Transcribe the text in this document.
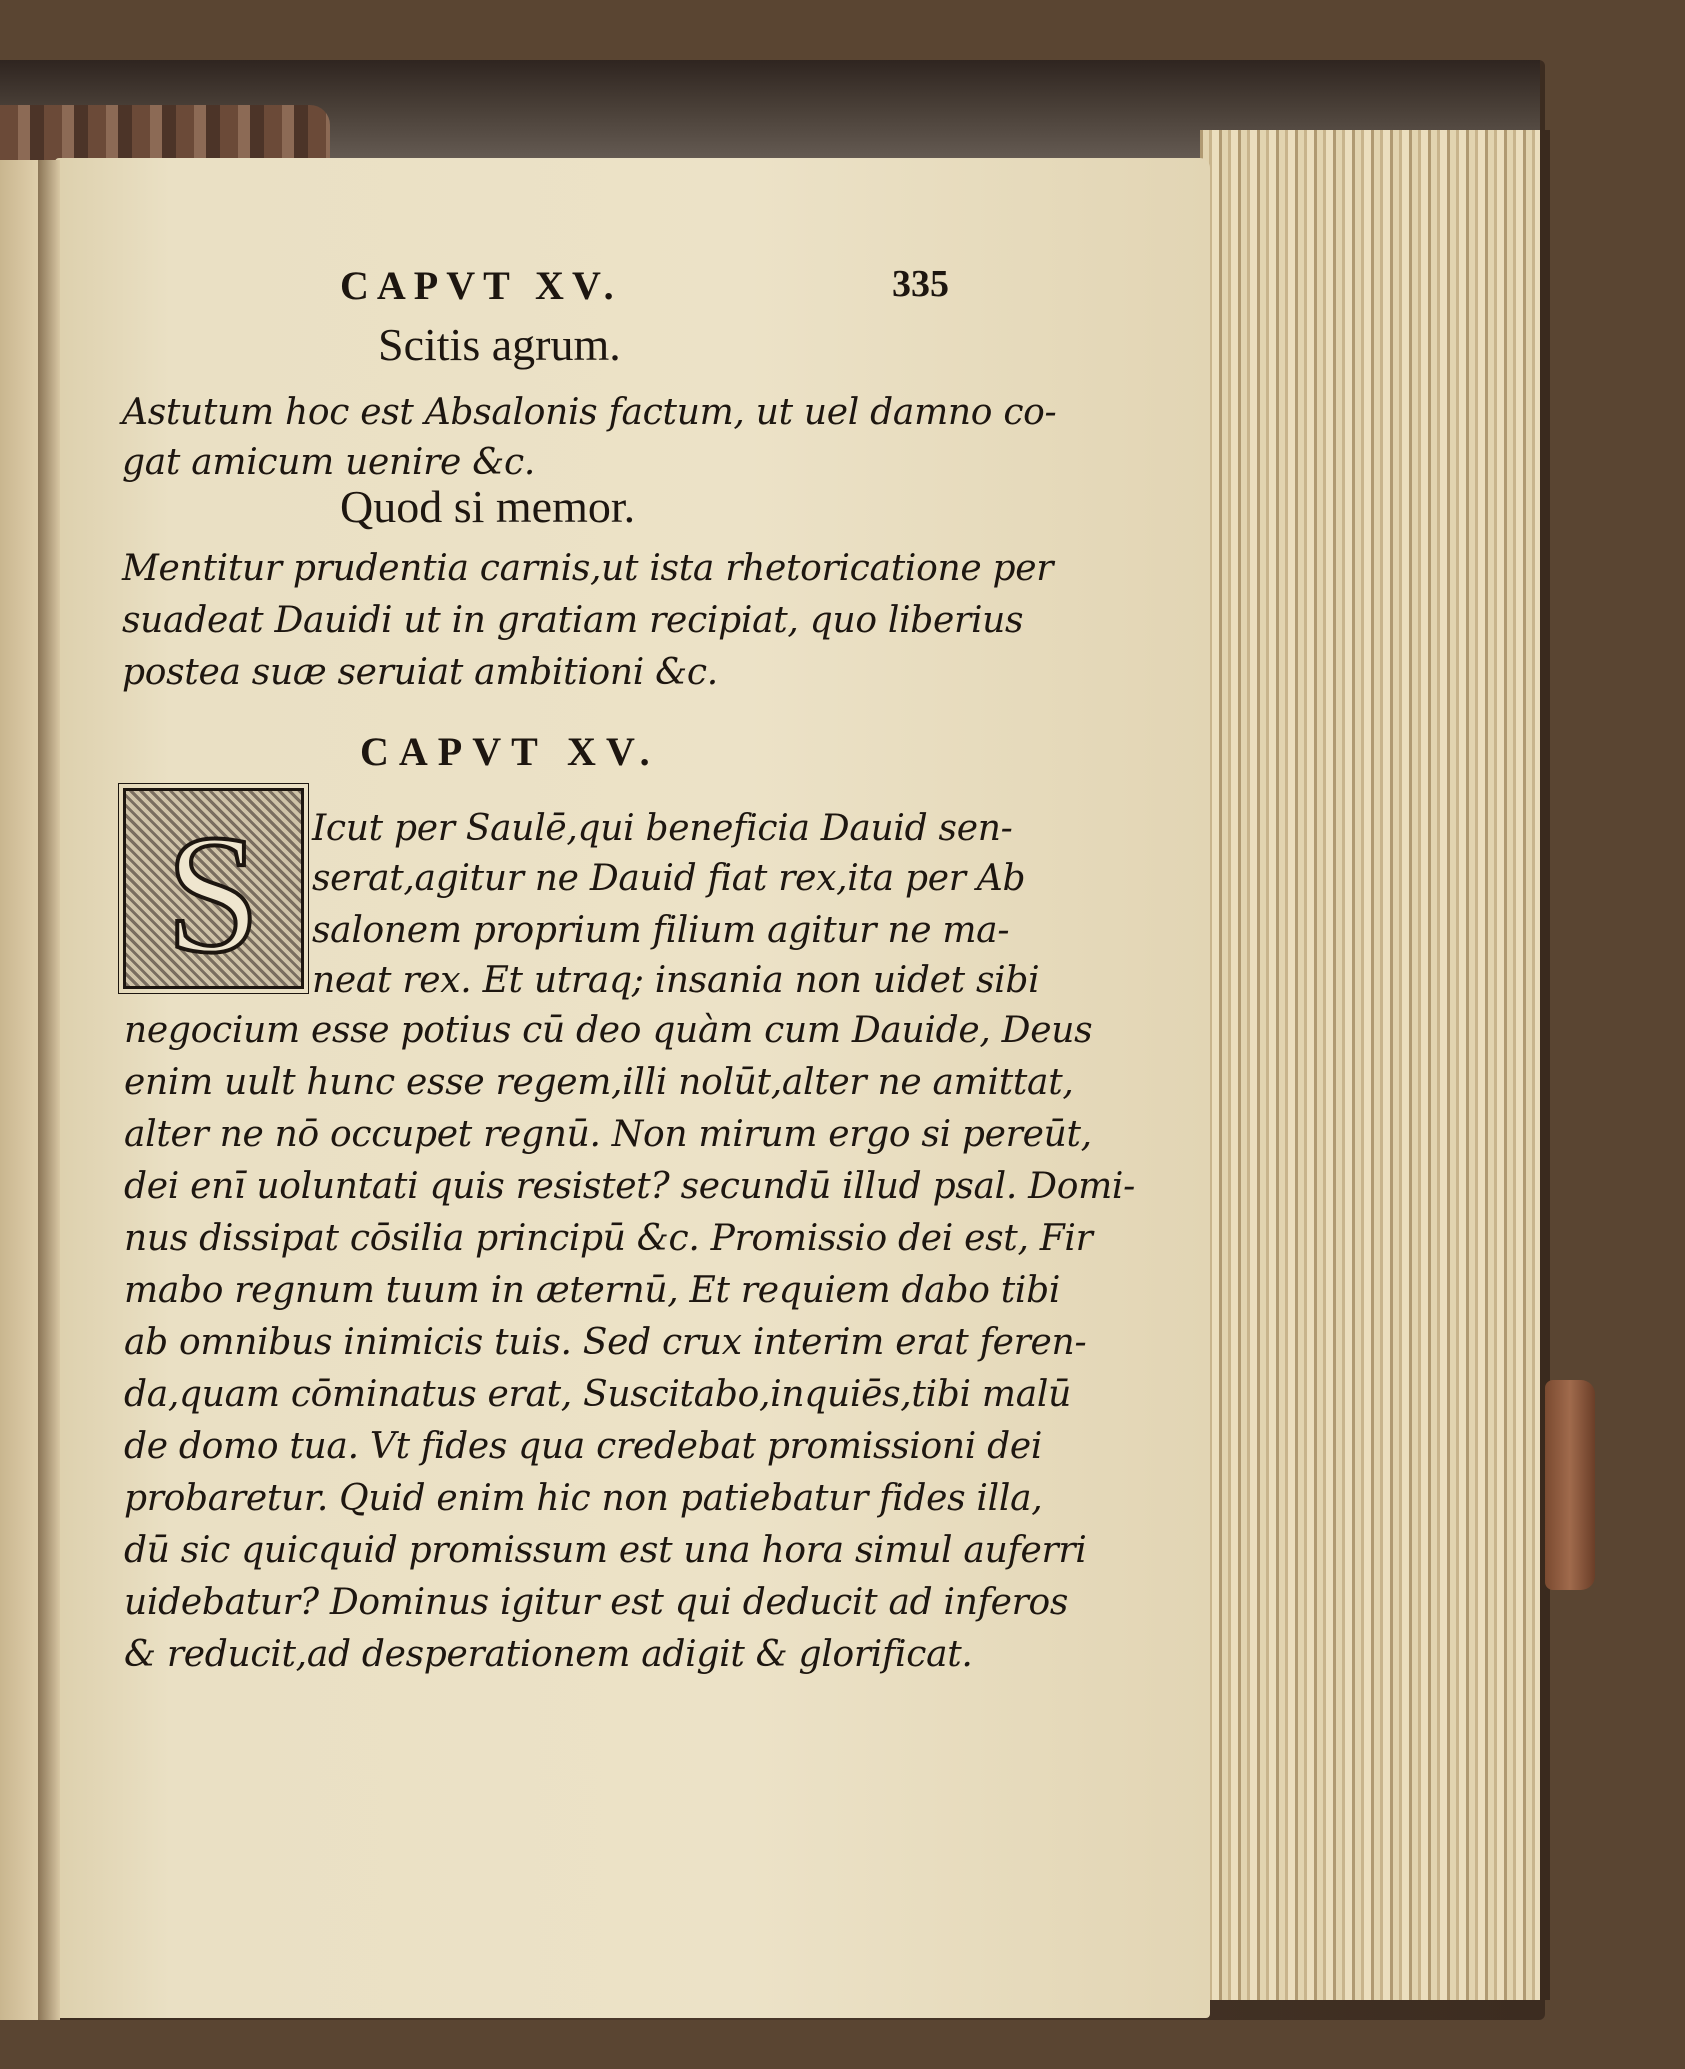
CAPVT XV.	335
Scitis agrum.
Astutum hoc est Absalonis factum, ut uel damno co-
gat amicum uenire &c.
Quod si memor.
Mentitur prudentia carnis,ut ista rhetoricatione per
suadeat Dauidi ut in gratiam recipiat, quo liberius
postea suæ seruiat ambitioni &c.
CAPVT XV.
S Icut per Saulē,qui beneficia Dauid sen-
serat,agitur ne Dauid fiat rex,ita per Ab
salonem proprium filium agitur ne ma-
neat rex. Et utraq; insania non uidet sibi
negocium esse potius cū deo quàm cum Dauide, Deus
enim uult hunc esse regem,illi nolūt,alter ne amittat,
alter ne nō occupet regnū. Non mirum ergo si pereūt,
dei enī uoluntati quis resistet? secundū illud psal. Domi-
nus dissipat cōsilia principū &c. Promissio dei est, Fir
mabo regnum tuum in æternū, Et requiem dabo tibi
ab omnibus inimicis tuis. Sed crux interim erat feren-
da,quam cōminatus erat, Suscitabo,inquiēs,tibi malū
de domo tua. Vt fides qua credebat promissioni dei
probaretur. Quid enim hic non patiebatur fides illa,
dū sic quicquid promissum est una hora simul auferri
uidebatur? Dominus igitur est qui deducit ad inferos
& reducit,ad desperationem adigit & glorificat.
